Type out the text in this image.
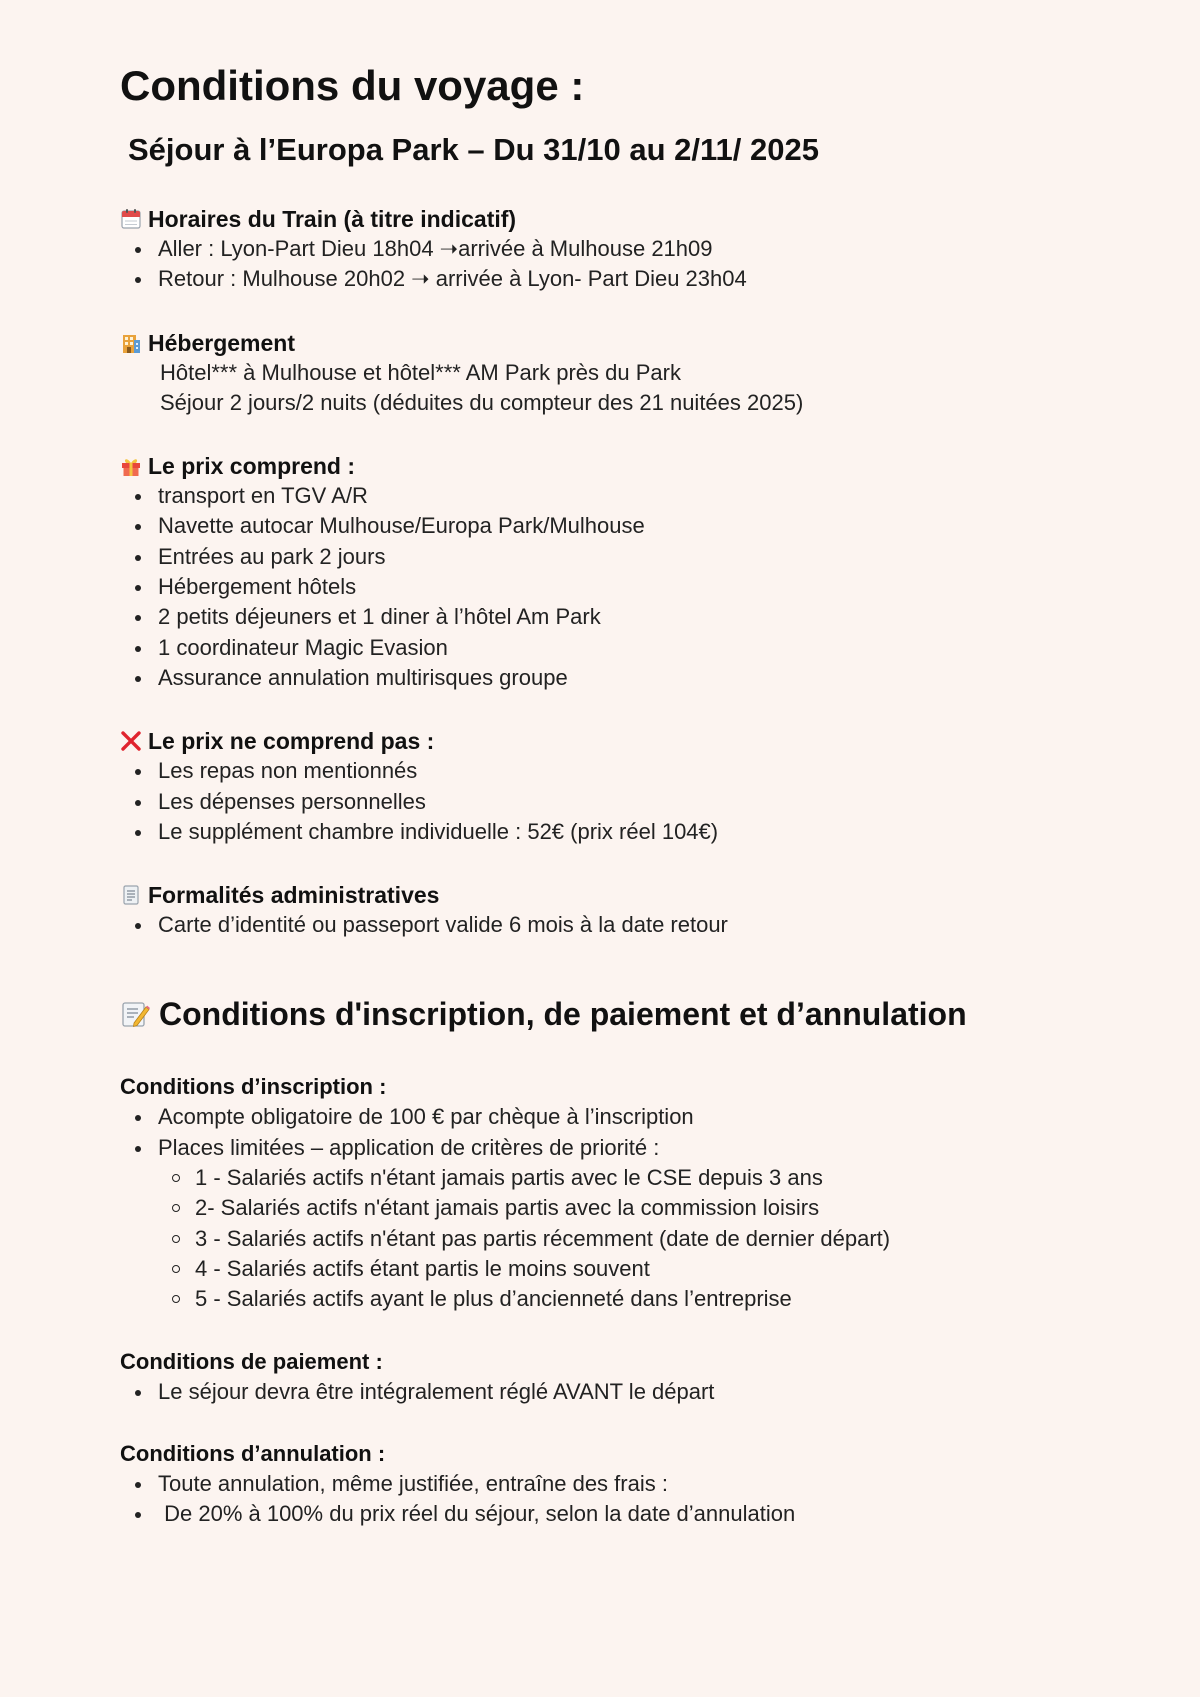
Conditions du voyage :
Séjour à l’Europa Park – Du 31/10 au 2/11/ 2025
Horaires du Train (à titre indicatif)
Aller : Lyon-Part Dieu 18h04 ➝arrivée à Mulhouse 21h09
Retour : Mulhouse 20h02 ➝ arrivée à Lyon- Part Dieu 23h04
Hébergement
Hôtel*** à Mulhouse et hôtel*** AM Park près du Park
Séjour 2 jours/2 nuits (déduites du compteur des 21 nuitées 2025)
Le prix comprend :
transport en TGV A/R
Navette autocar Mulhouse/Europa Park/Mulhouse
Entrées au park 2 jours
Hébergement hôtels
2 petits déjeuners et 1 diner à l’hôtel Am Park
1 coordinateur Magic Evasion
Assurance annulation multirisques groupe
Le prix ne comprend pas :
Les repas non mentionnés
Les dépenses personnelles
Le supplément chambre individuelle : 52€ (prix réel 104€)
Formalités administratives
Carte d’identité ou passeport valide 6 mois à la date retour
Conditions d'inscription, de paiement et d’annulation
Conditions d’inscription :
Acompte obligatoire de 100 € par chèque à l’inscription
Places limitées – application de critères de priorité :
1 - Salariés actifs n'étant jamais partis avec le CSE depuis 3 ans
2- Salariés actifs n'étant jamais partis avec la commission loisirs
3 - Salariés actifs n'étant pas partis récemment (date de dernier départ)
4 - Salariés actifs étant partis le moins souvent
5 - Salariés actifs ayant le plus d’ancienneté dans l’entreprise
Conditions de paiement :
Le séjour devra être intégralement réglé AVANT le départ
Conditions d’annulation :
Toute annulation, même justifiée, entraîne des frais :
De 20% à 100% du prix réel du séjour, selon la date d’annulation
